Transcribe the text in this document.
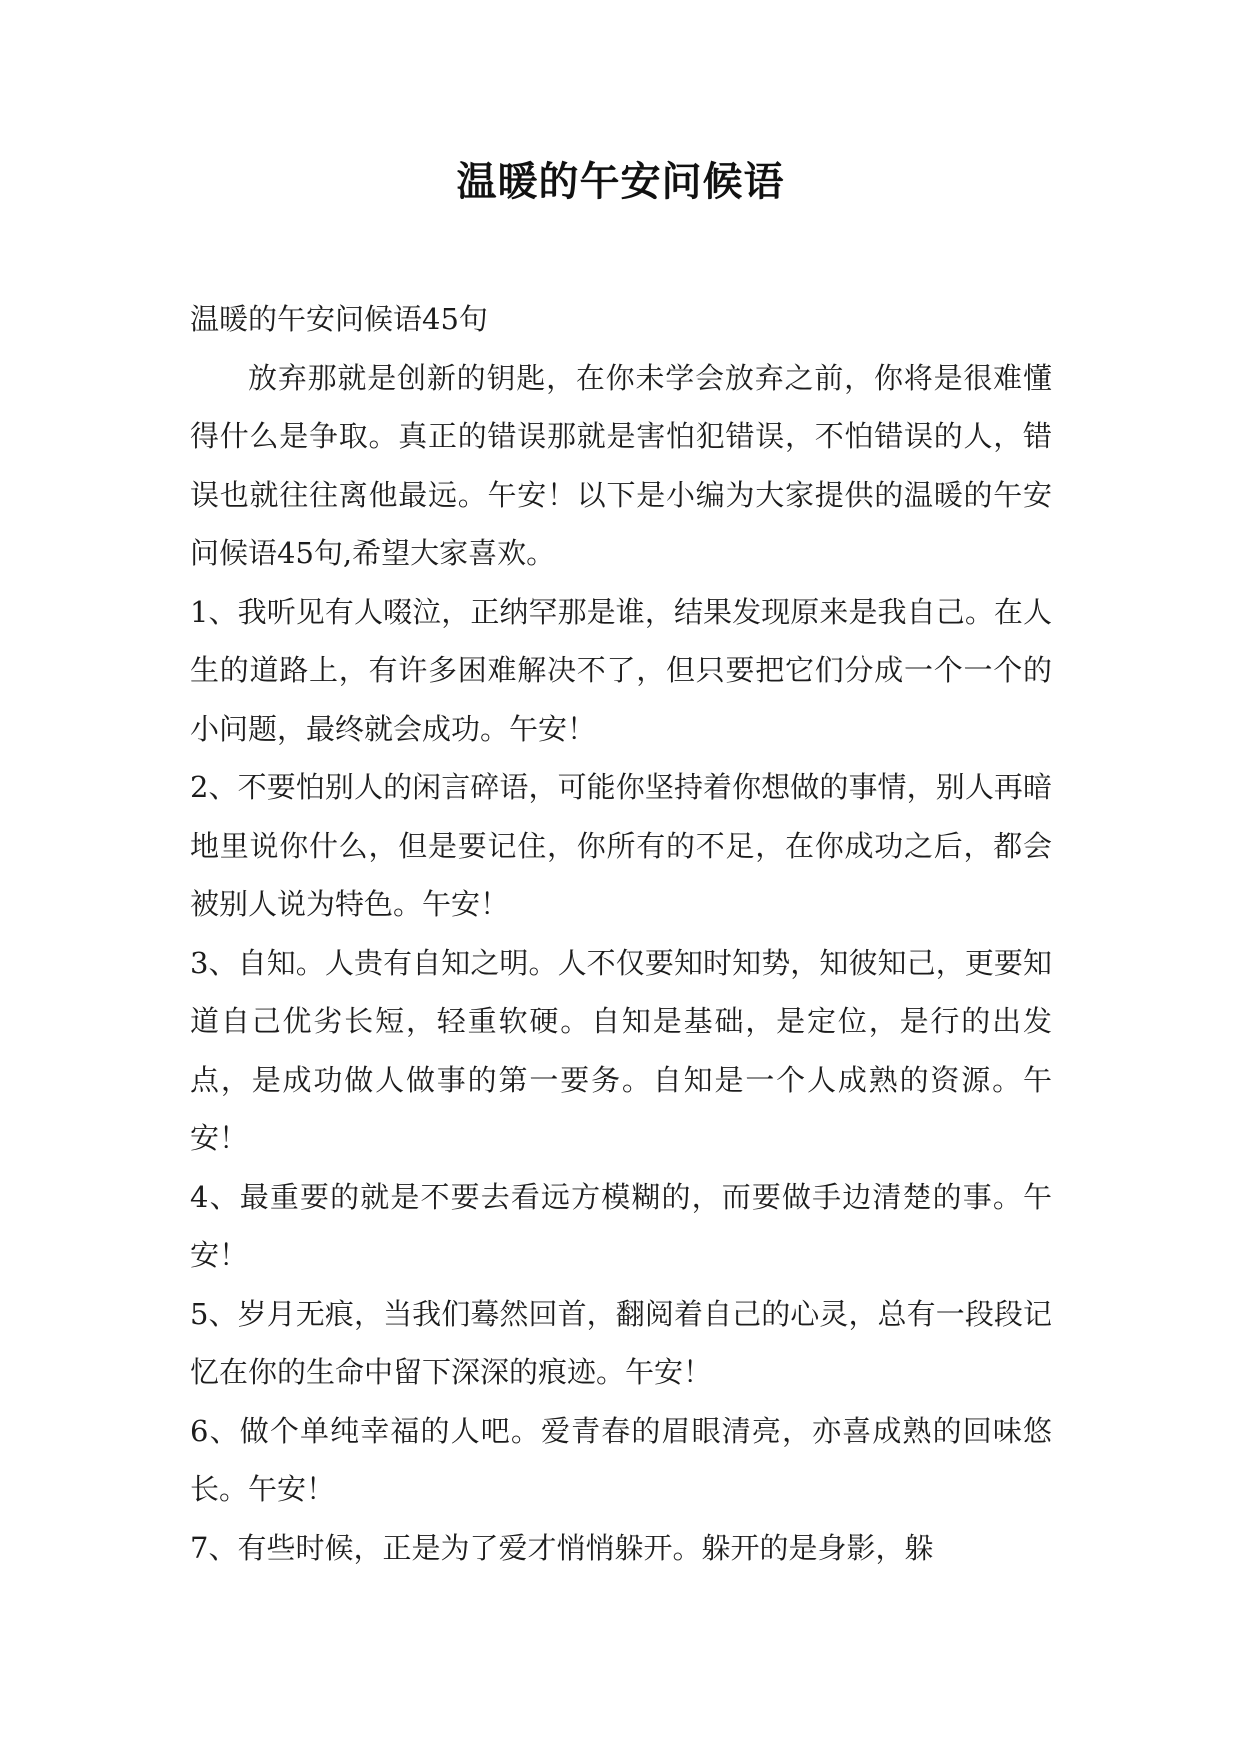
温暖的午安问候语

温暖的午安问候语45句

放弃那就是创新的钥匙，在你未学会放弃之前，你将是很难懂得什么是争取。真正的错误那就是害怕犯错误，不怕错误的人，错误也就往往离他最远。午安！以下是小编为大家提供的温暖的午安问候语45句,希望大家喜欢。

1、我听见有人啜泣，正纳罕那是谁，结果发现原来是我自己。在人生的道路上，有许多困难解决不了，但只要把它们分成一个一个的小问题，最终就会成功。午安！

2、不要怕别人的闲言碎语，可能你坚持着你想做的事情，别人再暗地里说你什么，但是要记住，你所有的不足，在你成功之后，都会被别人说为特色。午安！

3、自知。人贵有自知之明。人不仅要知时知势，知彼知己，更要知道自己优劣长短，轻重软硬。自知是基础，是定位，是行的出发点，是成功做人做事的第一要务。自知是一个人成熟的资源。午安！

4、最重要的就是不要去看远方模糊的，而要做手边清楚的事。午安！

5、岁月无痕，当我们蓦然回首，翻阅着自己的心灵，总有一段段记忆在你的生命中留下深深的痕迹。午安！

6、做个单纯幸福的人吧。爱青春的眉眼清亮，亦喜成熟的回味悠长。午安！

7、有些时候，正是为了爱才悄悄躲开。躲开的是身影，躲
